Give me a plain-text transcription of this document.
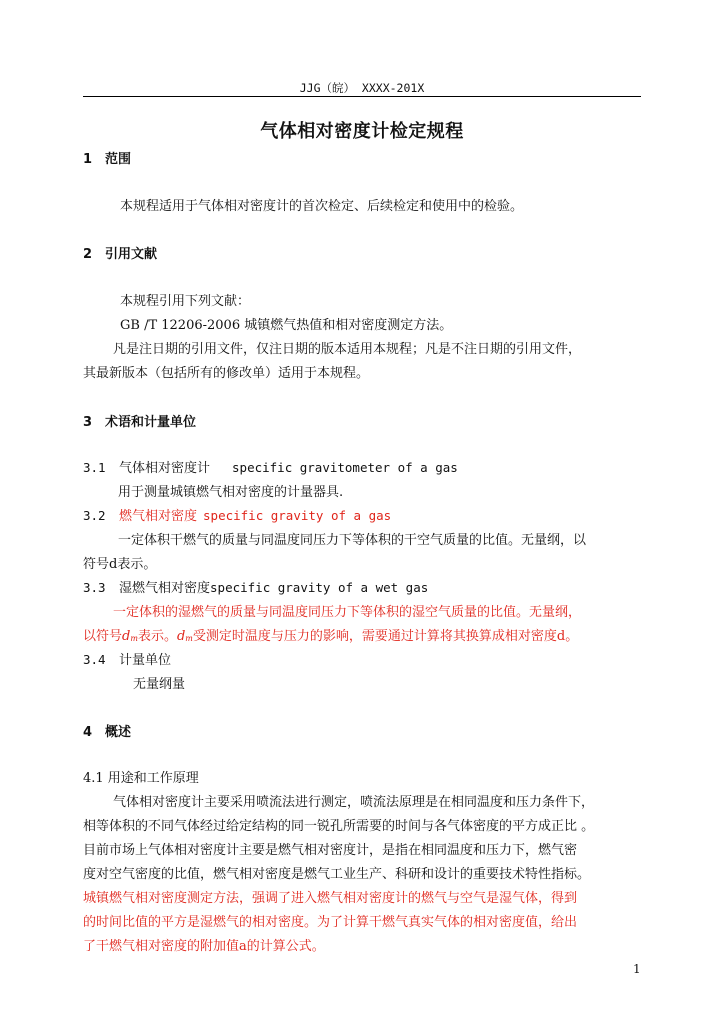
JJG（皖） XXXX-201X
气体相对密度计检定规程
1 范围
本规程适用于气体相对密度计的首次检定、后续检定和使用中的检验。
2 引用文献
本规程引用下列文献：
GB /T 12206-2006 城镇燃气热值和相对密度测定方法。
凡是注日期的引用文件，仅注日期的版本适用本规程；凡是不注日期的引用文件，
其最新版本（包括所有的修改单）适用于本规程。
3 术语和计量单位
3.1 气体相对密度计 specific gravitometer of a gas
用于测量城镇燃气相对密度的计量器具.
3.2 燃气相对密度 specific gravity of a gas
一定体积干燃气的质量与同温度同压力下等体积的干空气质量的比值。无量纲，以
符号d表示。
3.3 湿燃气相对密度specific gravity of a wet gas
一定体积的湿燃气的质量与同温度同压力下等体积的湿空气质量的比值。无量纲，
以符号dm表示。dm受测定时温度与压力的影响，需要通过计算将其换算成相对密度d。
3.4 计量单位
无量纲量
4 概述
4.1 用途和工作原理
气体相对密度计主要采用喷流法进行测定，喷流法原理是在相同温度和压力条件下，
相等体积的不同气体经过给定结构的同一锐孔所需要的时间与各气体密度的平方成正比 。
目前市场上气体相对密度计主要是燃气相对密度计，是指在相同温度和压力下，燃气密
度对空气密度的比值，燃气相对密度是燃气工业生产、科研和设计的重要技术特性指标。
城镇燃气相对密度测定方法，强调了进入燃气相对密度计的燃气与空气是湿气体，得到
的时间比值的平方是湿燃气的相对密度。为了计算干燃气真实气体的相对密度值，给出
了干燃气相对密度的附加值a的计算公式。
1
